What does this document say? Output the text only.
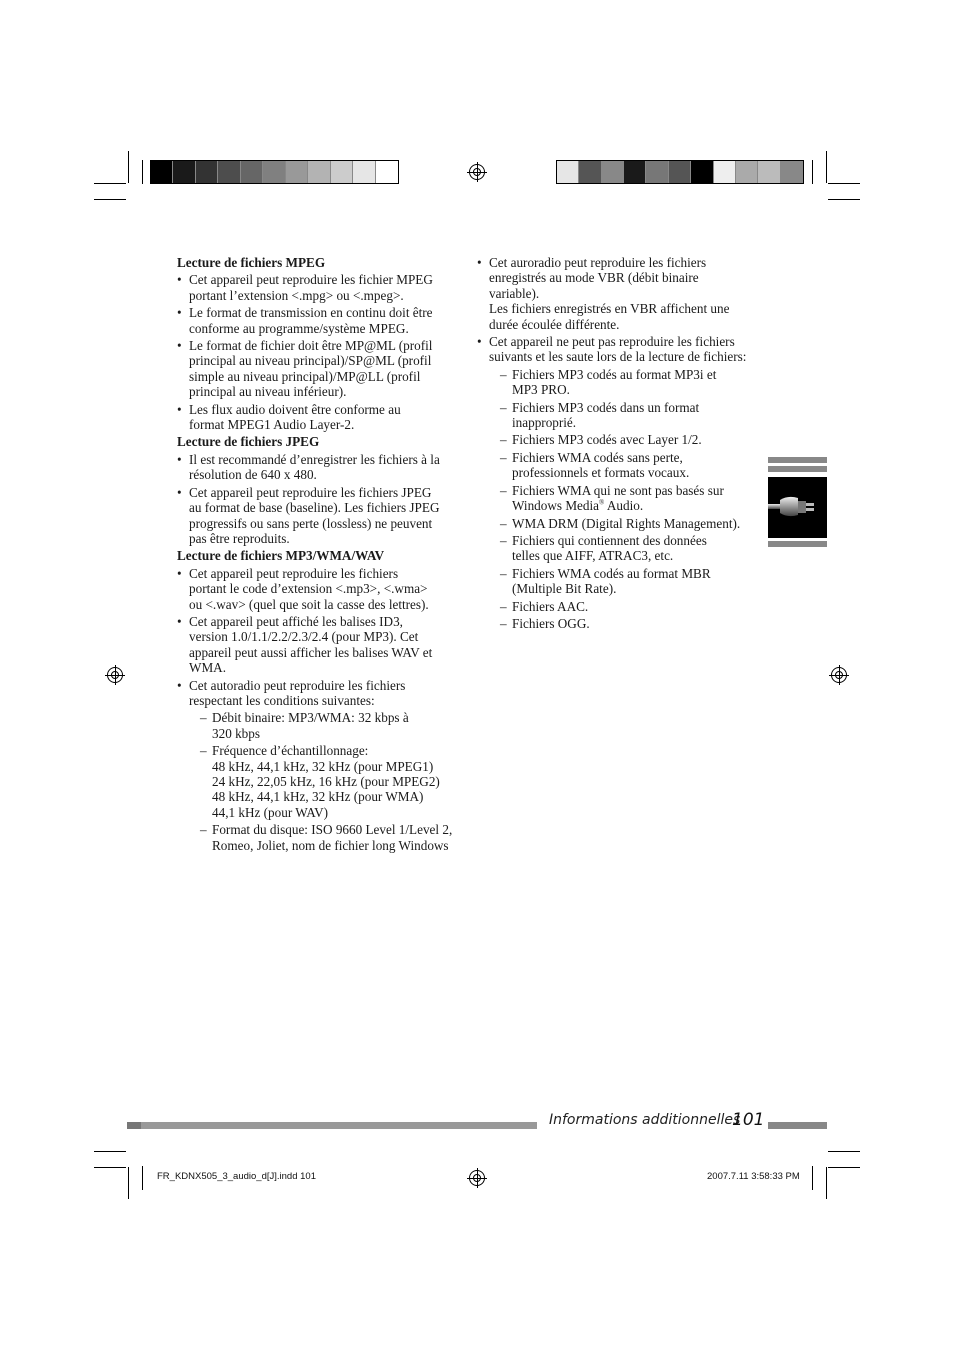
Lecture de fichiers MPEG
• Cet appareil peut reproduire les fichier MPEG
portant l’extension <.mpg> ou <.mpeg>.
• Le format de transmission en continu doit être
conforme au programme/système MPEG.
• Le format de fichier doit être MP@ML (profil
principal au niveau principal)/SP@ML (profil
simple au niveau principal)/MP@LL (profil
principal au niveau inférieur).
• Les flux audio doivent être conforme au
format MPEG1 Audio Layer-2.
Lecture de fichiers JPEG
• Il est recommandé d’enregistrer les fichiers à la
résolution de 640 x 480.
• Cet appareil peut reproduire les fichiers JPEG
au format de base (baseline). Les fichiers JPEG
progressifs ou sans perte (lossless) ne peuvent
pas être reproduits.
Lecture de fichiers MP3/WMA/WAV
• Cet appareil peut reproduire les fichiers
portant le code d’extension <.mp3>, <.wma>
ou <.wav> (quel que soit la casse des lettres).
• Cet appareil peut affiché les balises ID3,
version 1.0/1.1/2.2/2.3/2.4 (pour MP3). Cet
appareil peut aussi afficher les balises WAV et
WMA.
• Cet autoradio peut reproduire les fichiers
respectant les conditions suivantes:
– Débit binaire: MP3/WMA: 32 kbps à
320 kbps
– Fréquence d’échantillonnage:
48 kHz, 44,1 kHz, 32 kHz (pour MPEG1)
24 kHz, 22,05 kHz, 16 kHz (pour MPEG2)
48 kHz, 44,1 kHz, 32 kHz (pour WMA)
44,1 kHz (pour WAV)
– Format du disque: ISO 9660 Level 1/Level 2,
Romeo, Joliet, nom de fichier long Windows
• Cet auroradio peut reproduire les fichiers
enregistrés au mode VBR (débit binaire
variable).
Les fichiers enregistrés en VBR affichent une
durée écoulée différente.
• Cet appareil ne peut pas reproduire les fichiers
suivants et les saute lors de la lecture de fichiers:
– Fichiers MP3 codés au format MP3i et
MP3 PRO.
– Fichiers MP3 codés dans un format
inapproprié.
– Fichiers MP3 codés avec Layer 1/2.
– Fichiers WMA codés sans perte,
professionnels et formats vocaux.
– Fichiers WMA qui ne sont pas basés sur
Windows Media® Audio.
– WMA DRM (Digital Rights Management).
– Fichiers qui contiennent des données
telles que AIFF, ATRAC3, etc.
– Fichiers WMA codés au format MBR
(Multiple Bit Rate).
– Fichiers AAC.
– Fichiers OGG.
Informations additionnelles
101
FR_KDNX505_3_audio_d[J].indd 101	2007.7.11 3:58:33 PM
